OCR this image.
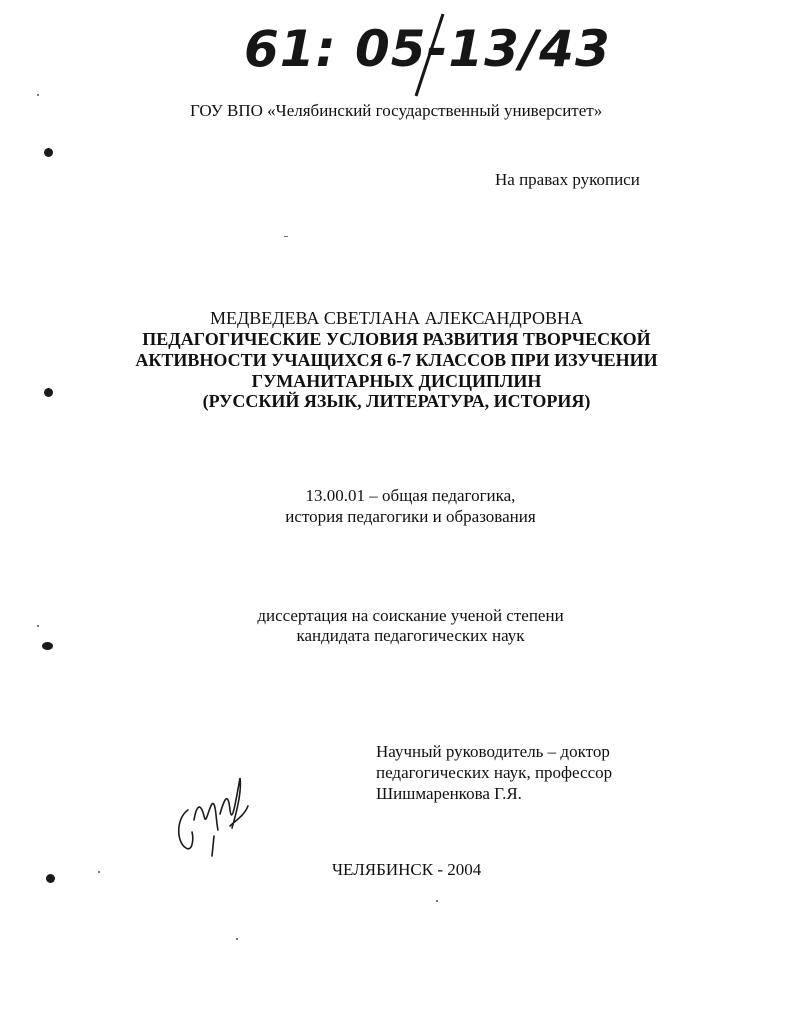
61: 05-13/43
ГОУ ВПО «Челябинский государственный университет»
На правах рукописи
МЕДВЕДЕВА СВЕТЛАНА АЛЕКСАНДРОВНА
ПЕДАГОГИЧЕСКИЕ УСЛОВИЯ РАЗВИТИЯ ТВОРЧЕСКОЙ
АКТИВНОСТИ УЧАЩИХСЯ 6-7 КЛАССОВ ПРИ ИЗУЧЕНИИ
ГУМАНИТАРНЫХ ДИСЦИПЛИН
(РУССКИЙ ЯЗЫК, ЛИТЕРАТУРА, ИСТОРИЯ)
13.00.01 – общая педагогика,
история педагогики и образования
диссертация на соискание ученой степени
кандидата педагогических наук
Научный руководитель – доктор
педагогических наук, профессор
Шишмаренкова Г.Я.
ЧЕЛЯБИНСК - 2004
